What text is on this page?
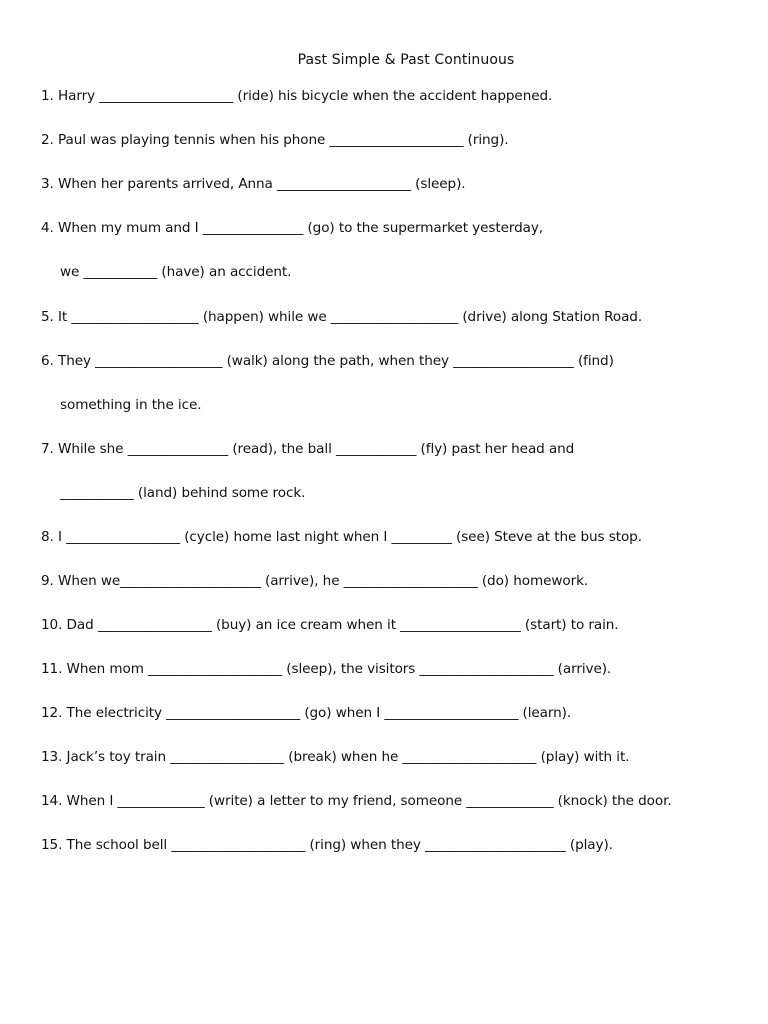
Past Simple & Past Continuous
1. Harry ____________________ (ride) his bicycle when the accident happened.
2. Paul was playing tennis when his phone ____________________ (ring).
3. When her parents arrived, Anna ____________________ (sleep).
4. When my mum and I _______________ (go) to the supermarket yesterday,
we ___________ (have) an accident.
5. It ___________________ (happen) while we ___________________ (drive) along Station Road.
6. They ___________________ (walk) along the path, when they __________________ (find)
something in the ice.
7. While she _______________ (read), the ball ____________ (fly) past her head and
___________ (land) behind some rock.
8. I _________________ (cycle) home last night when I _________ (see) Steve at the bus stop.
9. When we_____________________ (arrive), he ____________________ (do) homework.
10. Dad _________________ (buy) an ice cream when it __________________ (start) to rain.
11. When mom ____________________ (sleep), the visitors ____________________ (arrive).
12. The electricity ____________________ (go) when I ____________________ (learn).
13. Jack’s toy train _________________ (break) when he ____________________ (play) with it.
14. When I _____________ (write) a letter to my friend, someone _____________ (knock) the door.
15. The school bell ____________________ (ring) when they _____________________ (play).
